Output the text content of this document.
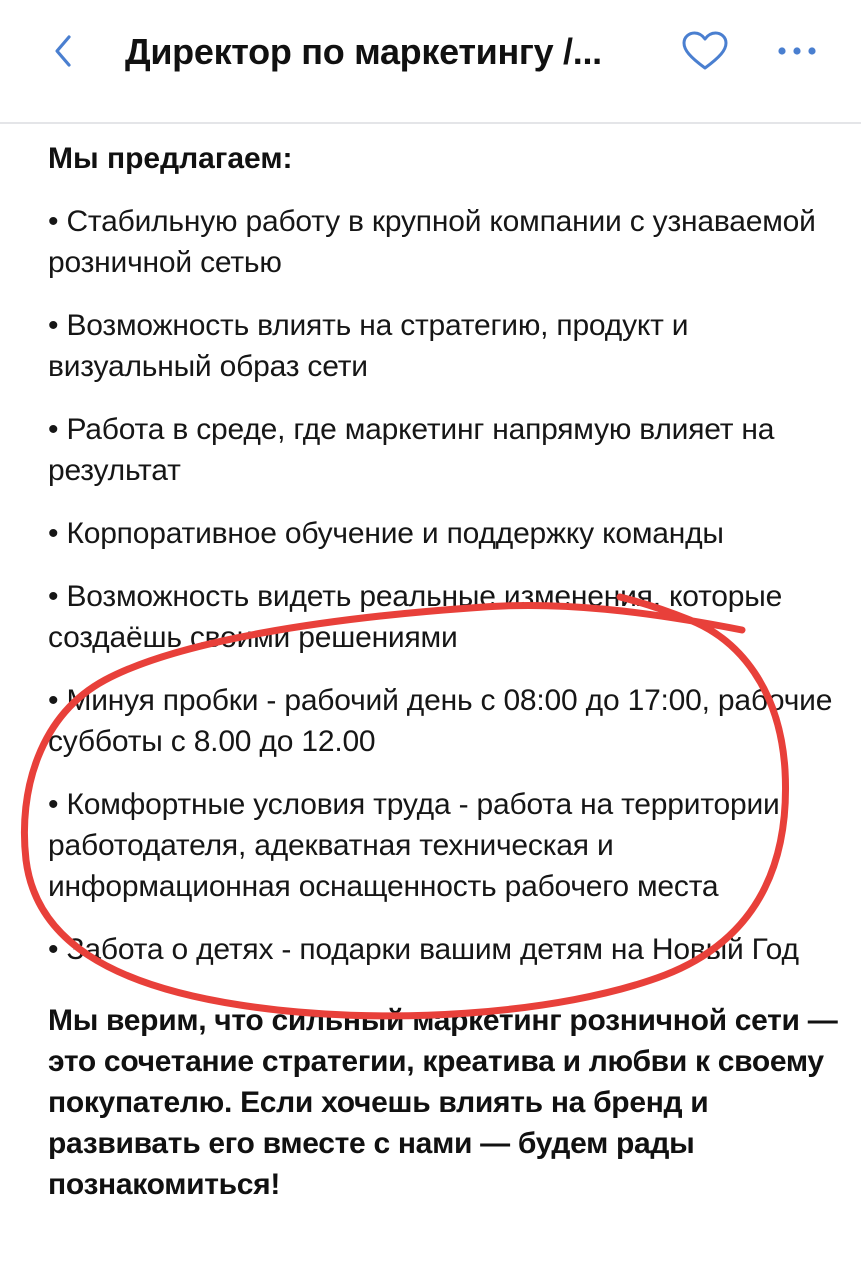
Директор по маркетингу /...
Мы предлагаем:
• Стабильную работу в крупной компании с узнаваемой розничной сетью
• Возможность влиять на стратегию, продукт и визуальный образ сети
• Работа в среде, где маркетинг напрямую влияет на результат
• Корпоративное обучение и поддержку команды
• Возможность видеть реальные изменения, которые создаёшь своими решениями
• Минуя пробки - рабочий день с 08:00 до 17:00, рабочие субботы с 8.00 до 12.00
• Комфортные условия труда - работа на территории работодателя, адекватная техническая и информационная оснащенность рабочего места
• Забота о детях - подарки вашим детям на Новый Год
Мы верим, что сильный маркетинг розничной сети — это сочетание стратегии, креатива и любви к своему покупателю. Если хочешь влиять на бренд и развивать его вместе с нами — будем рады познакомиться!
